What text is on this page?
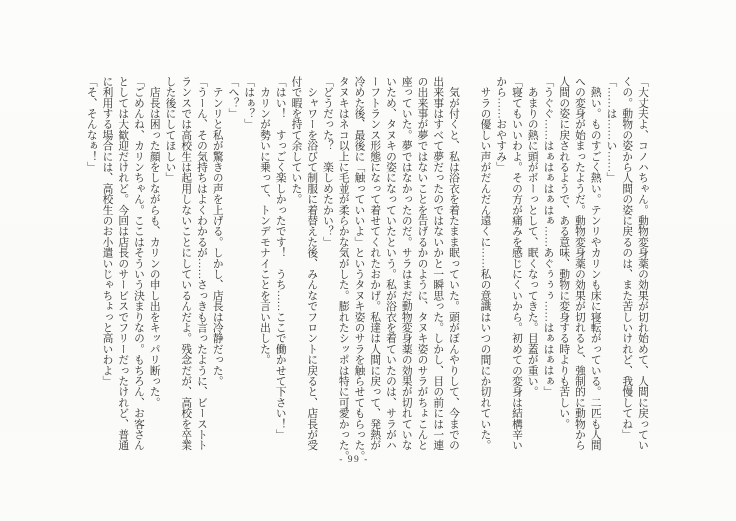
「大丈夫よ、コノハちゃん。動物変身薬の効果が切れ始めて、人間に戻ってい

くの。動物の姿から人間の姿に戻るのは、また苦しいけれど、我慢してね」

「……は……い……」

　熱い。ものすごく熱い。テンリやカリンも床に寝転がっている。二匹も人間

への変身が始まったようだ。動物変身薬の効果が切れると、強制的に動物から

人間の姿に戻されるようで、ある意味、動物に変身する時よりも苦しい。

「うぐぐ……はぁはぁはぁはぁ……あぐぅぅぅ……はぁはぁはぁ」

　あまりの熱に頭がボーっとして、眠くなってきた。目蓋が重い。

「寝てもいいわよ。その方が痛みを感じにくいから。初めての変身は結構辛い

から……おやすみ」

　サラの優しい声がだんだん遠くに……私の意識はいつの間にか切れていた。

　気が付くと、私は浴衣を着たまま眠っていた。頭がぼんやりして、今までの

出来事はすべて夢だったのではないかと一瞬思った。しかし、目の前には一連

の出来事が夢ではないことを告げるかのように、タヌキ姿のサラがちょこんと

座っていた。夢ではなかったのだ。サラはまだ動物変身薬の効果が切れていな

いため、タヌキの姿になっていたという。私が浴衣を着ていたのは、サラがハ

ーフトランス形態になって着せてくれたおかげ。私達は人間に戻って、発熱が

冷めた後、最後に「触っていいよ」というタヌキ姿のサラを触らせてもらった。

タヌキはネコ以上に毛並が柔らかな気がした。膨れたシッポは特に可愛かった。

「どうだった？　楽しめたかい？」

　シャワーを浴びて制服に着替えた後、みんなでフロントに戻ると、店長が受

付で暇を持て余していた。

「はい！　すっごく楽しかったです！　うち……ここで働かせて下さい！」

　カリンが勢いに乗って、トンデモナイことを言い出した。

「はぁ？」

「へ？」

　テンリと私が驚きの声を上げる。しかし、店長は冷静だった。

「うーん、その気持ちはよくわかるが……さっきも言ったように、ビーストト

ランスでは高校生は起用しないことにしているんだよ。残念だが、高校を卒業

した後にしてほしい」

　店長は困った顔をしながらも、カリンの申し出をキッパリ断った。

「ごめんね、カリンちゃん。ここはそういう決まりなの。もちろん、お客さん

としては大歓迎だけれど。今回は店長のサービスでフリーだったけれど、普通

に利用する場合には、高校生のお小遣いじゃちょっと高いわよ」

「そ、そんなぁ！」

- 99 -
